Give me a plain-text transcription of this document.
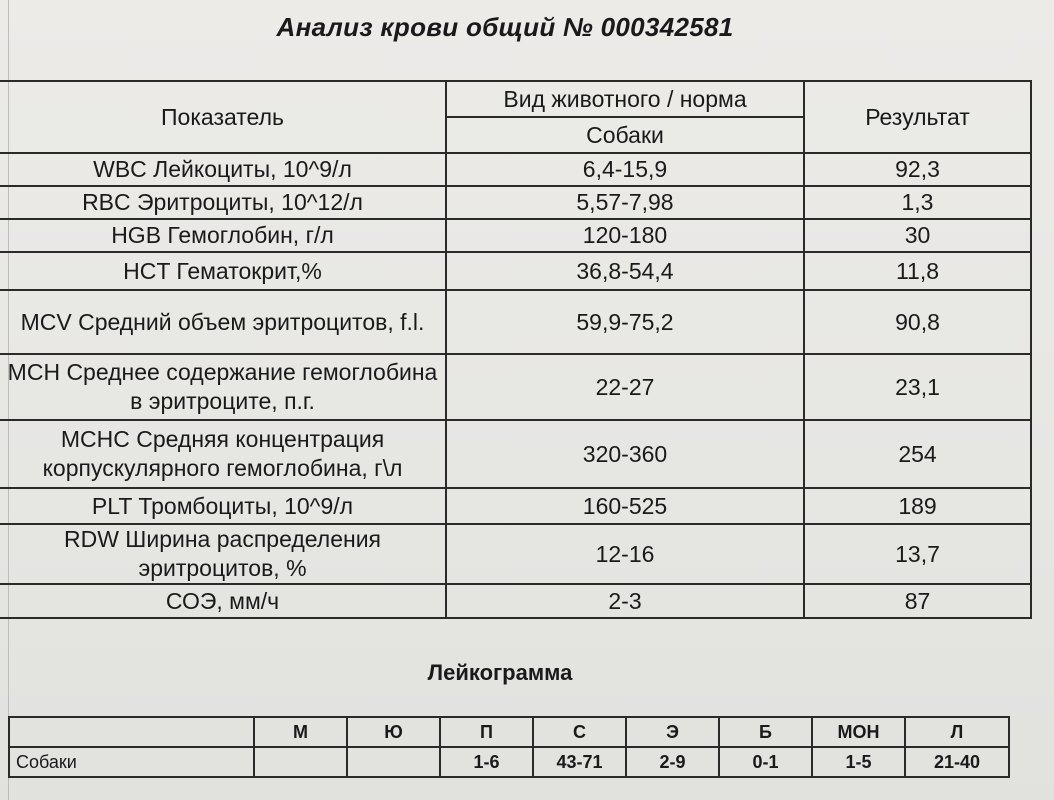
Анализ крови общий № 000342581
Показатель	Вид животного / норма	Результат
	Собаки	
WBC Лейкоциты, 10^9/л	6,4-15,9	92,3
RBC Эритроциты, 10^12/л	5,57-7,98	1,3
HGB Гемоглобин, г/л	120-180	30
HCT Гематокрит,%	36,8-54,4	11,8
MCV Средний объем эритроцитов, f.l.	59,9-75,2	90,8
MCH Среднее содержание гемоглобина в эритроците, п.г.	22-27	23,1
MCHC Средняя концентрация корпускулярного гемоглобина, г\л	320-360	254
PLT Тромбоциты, 10^9/л	160-525	189
RDW Ширина распределения эритроцитов, %	12-16	13,7
СОЭ, мм/ч	2-3	87
Лейкограмма
	М	Ю	П	С	Э	Б	МОН	Л
Собаки			1-6	43-71	2-9	0-1	1-5	21-40
